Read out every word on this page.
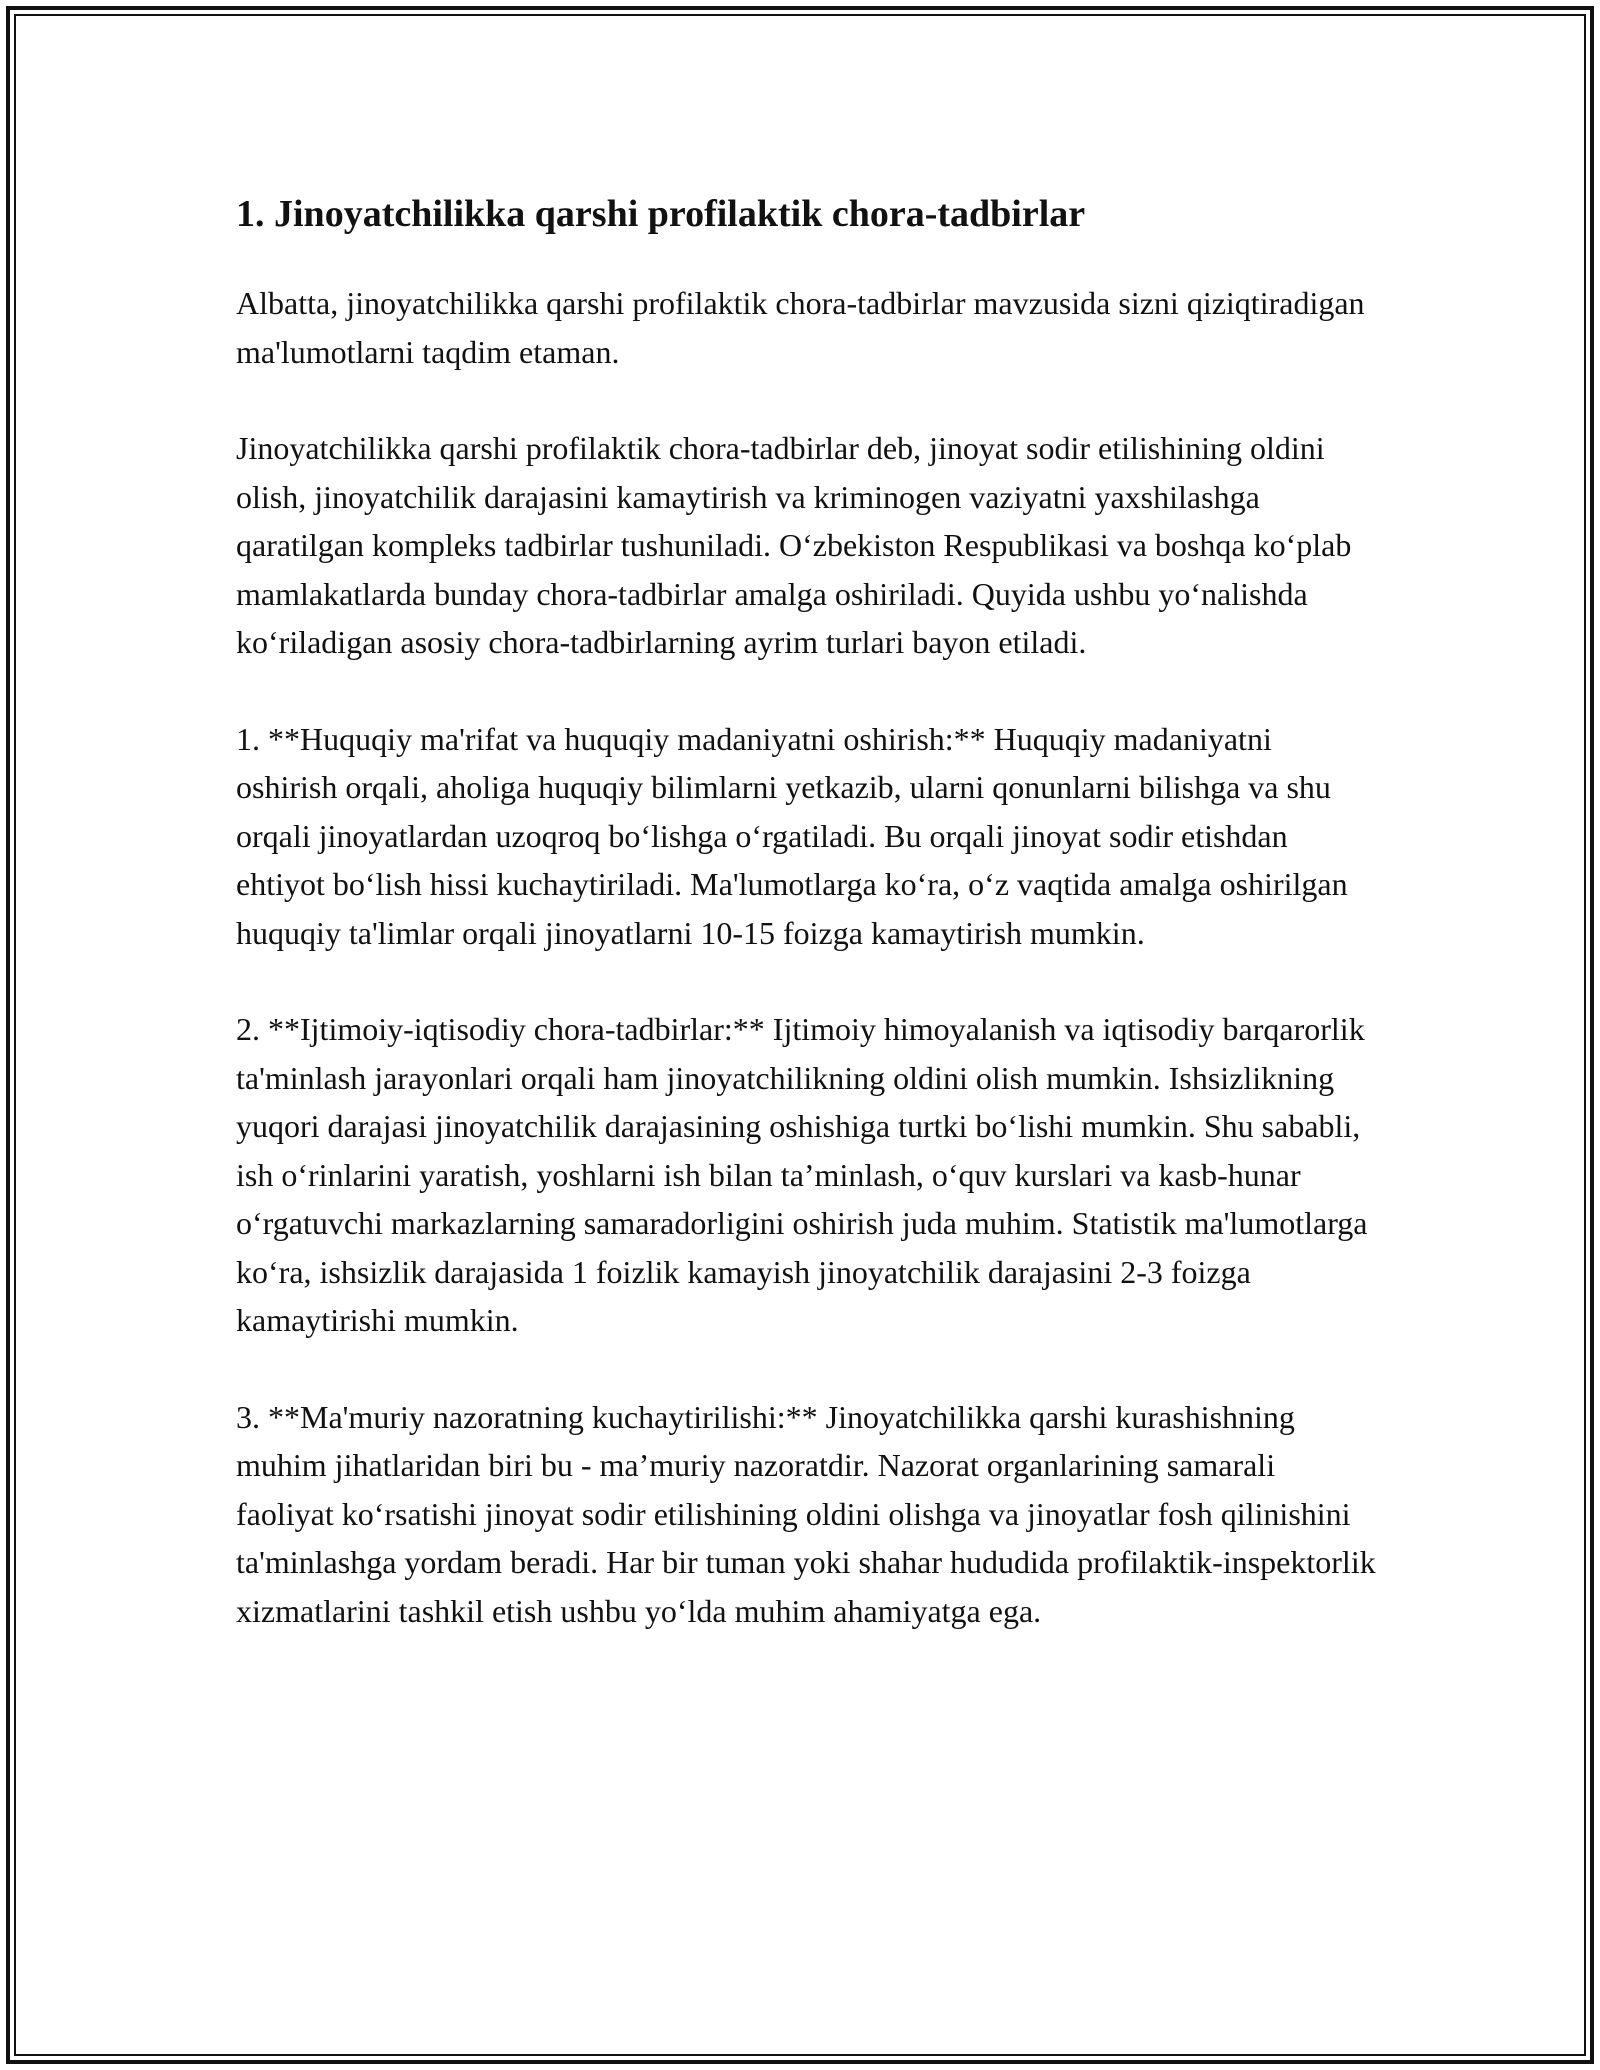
1. Jinoyatchilikka qarshi profilaktik chora-tadbirlar

Albatta, jinoyatchilikka qarshi profilaktik chora-tadbirlar mavzusida sizni qiziqtiradigan ma'lumotlarni taqdim etaman.

Jinoyatchilikka qarshi profilaktik chora-tadbirlar deb, jinoyat sodir etilishining oldini olish, jinoyatchilik darajasini kamaytirish va kriminogen vaziyatni yaxshilashga qaratilgan kompleks tadbirlar tushuniladi. Oʻzbekiston Respublikasi va boshqa koʻplab mamlakatlarda bunday chora-tadbirlar amalga oshiriladi. Quyida ushbu yoʻnalishda koʻriladigan asosiy chora-tadbirlarning ayrim turlari bayon etiladi.

1. **Huquqiy ma'rifat va huquqiy madaniyatni oshirish:** Huquqiy madaniyatni oshirish orqali, aholiga huquqiy bilimlarni yetkazib, ularni qonunlarni bilishga va shu orqali jinoyatlardan uzoqroq boʻlishga oʻrgatiladi. Bu orqali jinoyat sodir etishdan ehtiyot boʻlish hissi kuchaytiriladi. Ma'lumotlarga koʻra, oʻz vaqtida amalga oshirilgan huquqiy ta'limlar orqali jinoyatlarni 10-15 foizga kamaytirish mumkin.

2. **Ijtimoiy-iqtisodiy chora-tadbirlar:** Ijtimoiy himoyalanish va iqtisodiy barqarorlik ta'minlash jarayonlari orqali ham jinoyatchilikning oldini olish mumkin. Ishsizlikning yuqori darajasi jinoyatchilik darajasining oshishiga turtki boʻlishi mumkin. Shu sababli, ish oʻrinlarini yaratish, yoshlarni ish bilan ta’minlash, oʻquv kurslari va kasb-hunar oʻrgatuvchi markazlarning samaradorligini oshirish juda muhim. Statistik ma'lumotlarga koʻra, ishsizlik darajasida 1 foizlik kamayish jinoyatchilik darajasini 2-3 foizga kamaytirishi mumkin.

3. **Ma'muriy nazoratning kuchaytirilishi:** Jinoyatchilikka qarshi kurashishning muhim jihatlaridan biri bu - ma’muriy nazoratdir. Nazorat organlarining samarali faoliyat koʻrsatishi jinoyat sodir etilishining oldini olishga va jinoyatlar fosh qilinishini ta'minlashga yordam beradi. Har bir tuman yoki shahar hududida profilaktik-inspektorlik xizmatlarini tashkil etish ushbu yoʻlda muhim ahamiyatga ega.
